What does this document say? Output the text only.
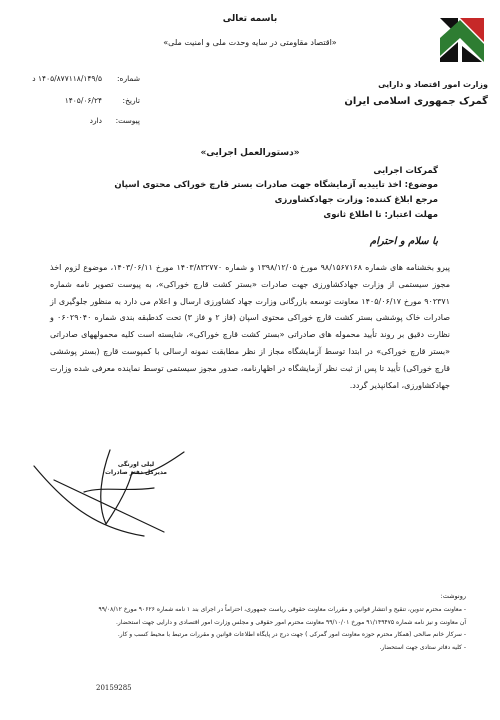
باسمه تعالی
«اقتصاد مقاومتی در سایه وحدت ملی و امنیت ملی»
شماره:
۱۴۰۵/۸۷۷۱۱۸/۱۴۹/۵ د
تاریخ:
۱۴۰۵/۰۶/۲۴
پیوست:
دارد
وزارت امور اقتصاد و دارایی
گمرک جمهوری اسلامی ایران
«دستورالعمل اجرایی»
گمرکات اجرایی
موضوع: اخذ تاییدیه آزمایشگاه جهت صادرات بستر قارچ خوراکی محتوی اسپان
مرجع ابلاغ کننده: وزارت جهادکشاورزی
مهلت اعتبار: تا اطلاع ثانوی
با سلام و احترام
پیرو بخشنامه های شماره ۹۸/۱۵۶۷۱۶۸ مورخ ۱۳۹۸/۱۲/۰۵ و شماره ۱۴۰۳/۸۳۲۷۷۰ مورخ ۱۴۰۳/۰۶/۱۱، موضوع لزوم اخذ مجوز سیستمی از وزارت جهادکشاورزی جهت صادرات «بستر کشت قارچ خوراکی»، به پیوست تصویر نامه شماره ۹۰۲۳۷۱ مورخ ۱۴۰۵/۰۶/۱۷ معاونت توسعه بازرگانی وزارت جهاد کشاورزی ارسال و اعلام می دارد به منظور جلوگیری از صادرات خاک پوششی بستر کشت قارچ خوراکی محتوی اسپان (فاز ۲ و فاز ۳) تحت کدطبقه بندی شماره ۰۶۰۲۹۰۴۰ و نظارت دقیق بر روند تأیید محموله های صادراتی «بستر کشت قارچ خوراکی»، شایسته است کلیه محمولههای صادراتی «بستر قارچ خوراکی» در ابتدا توسط آزمایشگاه مجاز از نظر مطابقت نمونه ارسالی با کمپوست قارچ (بستر پوششی قارچ خوراکی) تأیید تا پس از ثبت نظر آزمایشگاه در اظهارنامه، صدور مجوز سیستمی توسط نماینده معرفی شده وزارت جهادکشاورزی، امکانپذیر گردد.
لیلی اورنگی
مدیرکل دفتر صادرات
رونوشت:
- معاونت محترم تدوین، تنقیح و انتشار قوانین و مقررات معاونت حقوقی ریاست جمهوری، احتراماً در اجرای بند ۱ نامه شماره ۹۰۶۲۶ مورخ ۹۹/۰۸/۱۲
آن معاونت و نیز نامه شماره ۹۱/۱۴۹۴۷۵ مورخ ۹۹/۱۰/۰۱ معاونت محترم امور حقوقی و مجلس وزارت امور اقتصادی و دارایی جهت استحضار.
- سرکار خانم صالحی (همکار محترم حوزه معاونت امور گمرکی ) جهت درج در پایگاه اطلاعات قوانین و مقررات مرتبط با محیط کسب و کار.
- کلیه دفاتر ستادی جهت استحضار.
20159285
